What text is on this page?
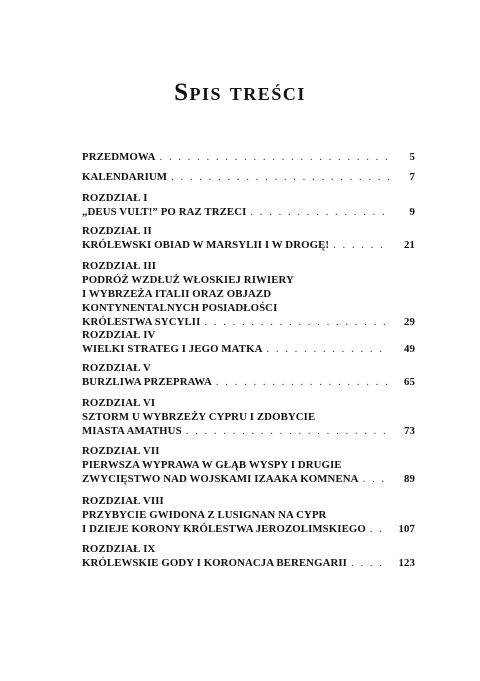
Spis treści
PRZEDMOWA . . .	5
KALENDARIUM . . .	7
ROZDZIAŁ I
„DEUS VULT!” PO RAZ TRZECI . . .	9
ROZDZIAŁ II
KRÓLEWSKI OBIAD W MARSYLII I W DROGĘ! . . .	21
ROZDZIAŁ III
PODRÓŻ WZDŁUŻ WŁOSKIEJ RIWIERY
I WYBRZEŻA ITALII ORAZ OBJAZD
KONTYNENTALNYCH POSIADŁOŚCI
KRÓLESTWA SYCYLII . . .	29
ROZDZIAŁ IV
WIELKI STRATEG I JEGO MATKA . . .	49
ROZDZIAŁ V
BURZLIWA PRZEPRAWA . . .	65
ROZDZIAŁ VI
SZTORM U WYBRZEŻY CYPRU I ZDOBYCIE
MIASTA AMATHUS . . .	73
ROZDZIAŁ VII
PIERWSZA WYPRAWA W GŁĄB WYSPY I DRUGIE
ZWYCIĘSTWO NAD WOJSKAMI IZAAKA KOMNENA . . .	89
ROZDZIAŁ VIII
PRZYBYCIE GWIDONA Z LUSIGNAN NA CYPR
I DZIEJE KORONY KRÓLESTWA JEROZOLIMSKIEGO . . .	107
ROZDZIAŁ IX
KRÓLEWSKIE GODY I KORONACJA BERENGARII . . .	123
